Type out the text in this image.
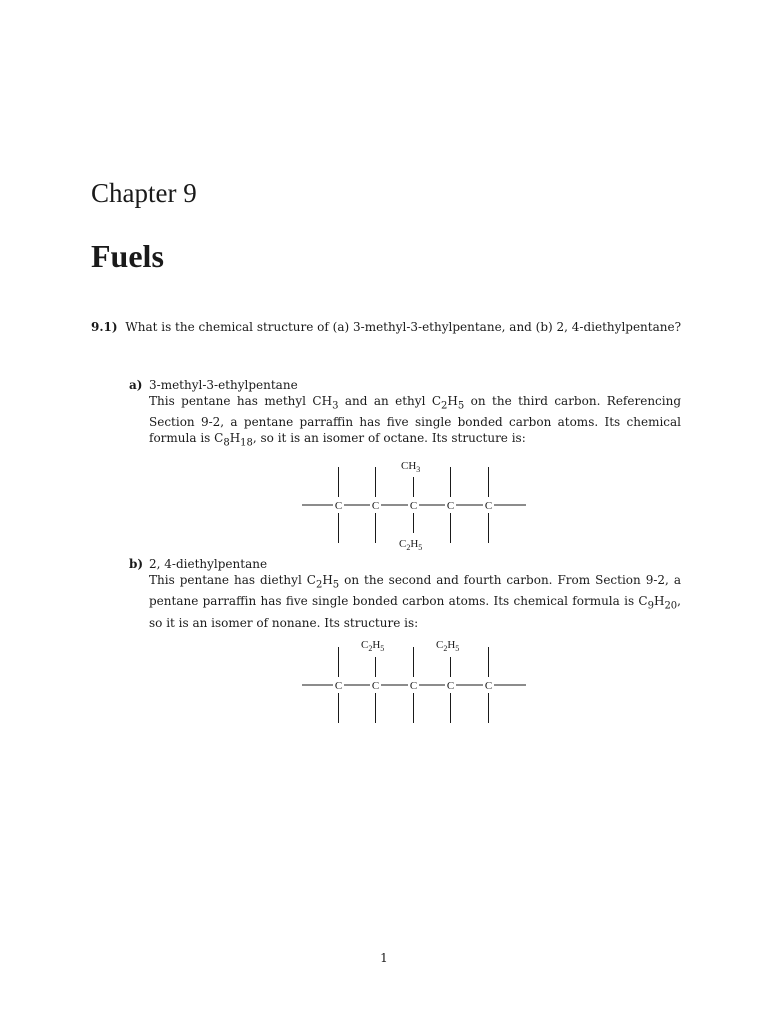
Chapter 9
Fuels
9.1) What is the chemical structure of (a) 3-methyl-3-ethylpentane, and (b) 2, 4-diethylpentane?
a) 3-methyl-3-ethylpentane
This pentane has methyl $CH_3$ and an ethyl $C_2H_5$ on the third carbon. Referencing Section 9-2, a pentane parraffin has five single bonded carbon atoms. Its chemical formula is $C_8H_{18}$, so it is an isomer of octane. Its structure is:
C	C	C	C	C
$CH_3$
$C_2H_5$
b) 2, 4-diethylpentane
This pentane has diethyl $C_2H_5$ on the second and fourth carbon. From Section 9-2, a pentane parraffin has five single bonded carbon atoms. Its chemical formula is $C_9H_{20}$, so it is an isomer of nonane. Its structure is:
C	C	C	C	C
$C_2H_5$	$C_2H_5$
1
